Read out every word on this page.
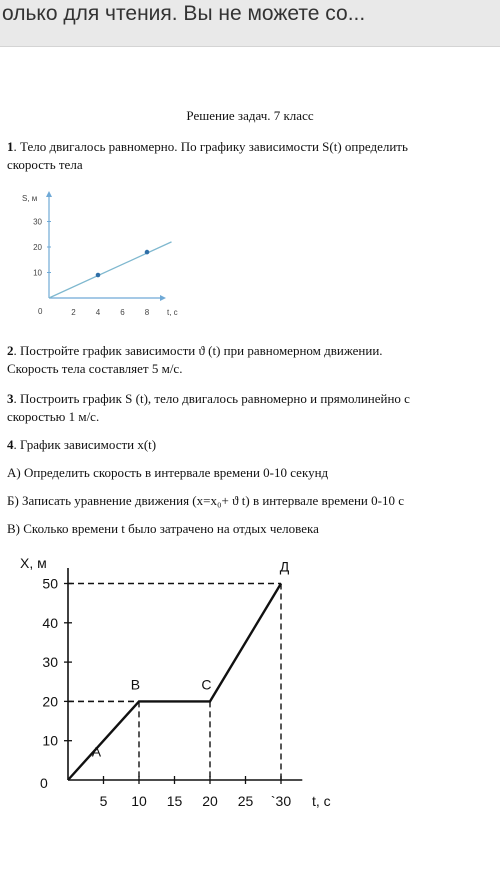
олько для чтения. Вы не можете со...
Решение задач. 7 класс
1. Тело двигалось равномерно. По графику зависимости S(t) определить
скорость тела
S, м
t, c
0	2	4	6	8
10
20
30
2. Постройте график зависимости ϑ (t) при равномерном движении.
Скорость тела составляет 5 м/с.
3. Построить график S (t), тело двигалось равномерно и прямолинейно с
скоростью 1 м/с.
4. График зависимости x(t)
А) Определить скорость в интервале времени 0-10 секунд
Б) Записать уравнение движения (x=x₀+ ϑ t) в интервале времени 0-10 с
В) Сколько времени t было затрачено на отдых человека
X, м
t, c
0
5 10 15 20 25 `30
10
20
30
40
50
A
B	C
Д
